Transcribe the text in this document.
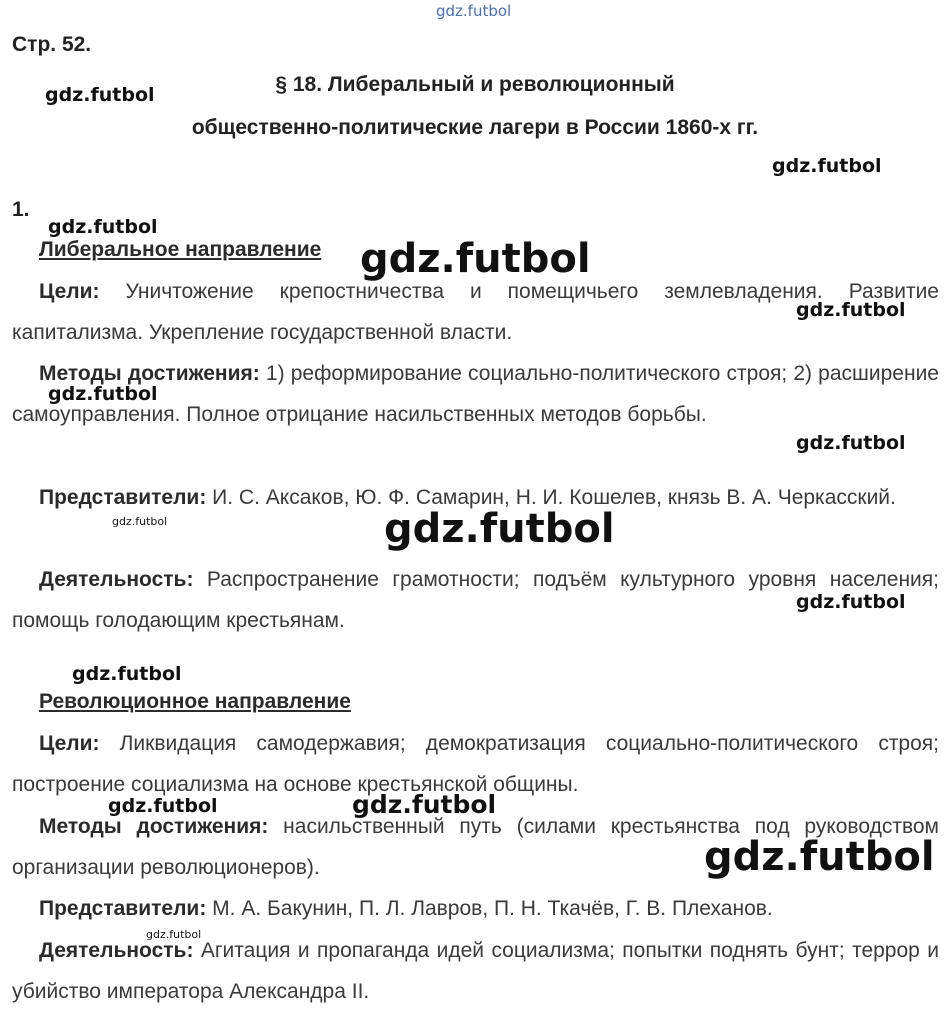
gdz.futbol
Стр. 52.
§ 18. Либеральный и революционный
общественно-политические лагери в России 1860-х гг.
1.
Либеральное направление

Цели: Уничтожение крепостничества и помещичьего землевладения. Развитие капитализма. Укрепление государственной власти.

Методы достижения: 1) реформирование социально-политического строя; 2) расширение самоуправления. Полное отрицание насильственных методов борьбы.

Представители: И. С. Аксаков, Ю. Ф. Самарин, Н. И. Кошелев, князь В. А. Черкасский.

Деятельность: Распространение грамотности; подъём культурного уровня населения; помощь голодающим крестьянам.

Революционное направление

Цели: Ликвидация самодержавия; демократизация социально-политического строя; построение социализма на основе крестьянской общины.

Методы достижения: насильственный путь (силами крестьянства под руководством организации революционеров).

Представители: М. А. Бакунин, П. Л. Лавров, П. Н. Ткачёв, Г. В. Плеханов.

Деятельность: Агитация и пропаганда идей социализма; попытки поднять бунт; террор и убийство императора Александра II.

gdz.futbol
gdz.futbol
gdz.futbol
gdz.futbol
gdz.futbol
gdz.futbol
gdz.futbol
gdz.futbol	gdz.futbol
gdz.futbol
gdz.futbol
gdz.futbol	gdz.futbol
gdz.futbol
gdz.futbol
